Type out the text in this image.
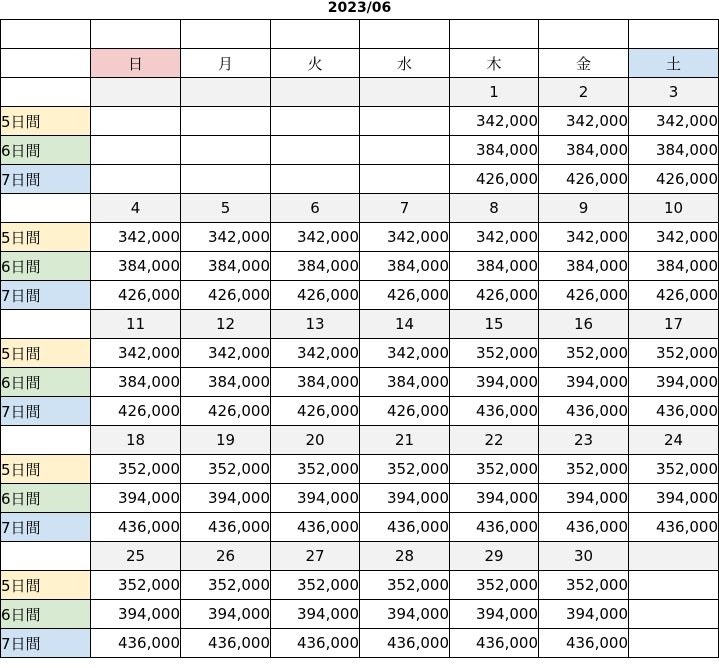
2023/06

	日	月	火	水	木	金	土
					1	2	3
5日間					342,000	342,000	342,000
6日間					384,000	384,000	384,000
7日間					426,000	426,000	426,000
	4	5	6	7	8	9	10
5日間	342,000	342,000	342,000	342,000	342,000	342,000	342,000
6日間	384,000	384,000	384,000	384,000	384,000	384,000	384,000
7日間	426,000	426,000	426,000	426,000	426,000	426,000	426,000
	11	12	13	14	15	16	17
5日間	342,000	342,000	342,000	342,000	352,000	352,000	352,000
6日間	384,000	384,000	384,000	384,000	394,000	394,000	394,000
7日間	426,000	426,000	426,000	426,000	436,000	436,000	436,000
	18	19	20	21	22	23	24
5日間	352,000	352,000	352,000	352,000	352,000	352,000	352,000
6日間	394,000	394,000	394,000	394,000	394,000	394,000	394,000
7日間	436,000	436,000	436,000	436,000	436,000	436,000	436,000
	25	26	27	28	29	30	
5日間	352,000	352,000	352,000	352,000	352,000	352,000	
6日間	394,000	394,000	394,000	394,000	394,000	394,000	
7日間	436,000	436,000	436,000	436,000	436,000	436,000	
